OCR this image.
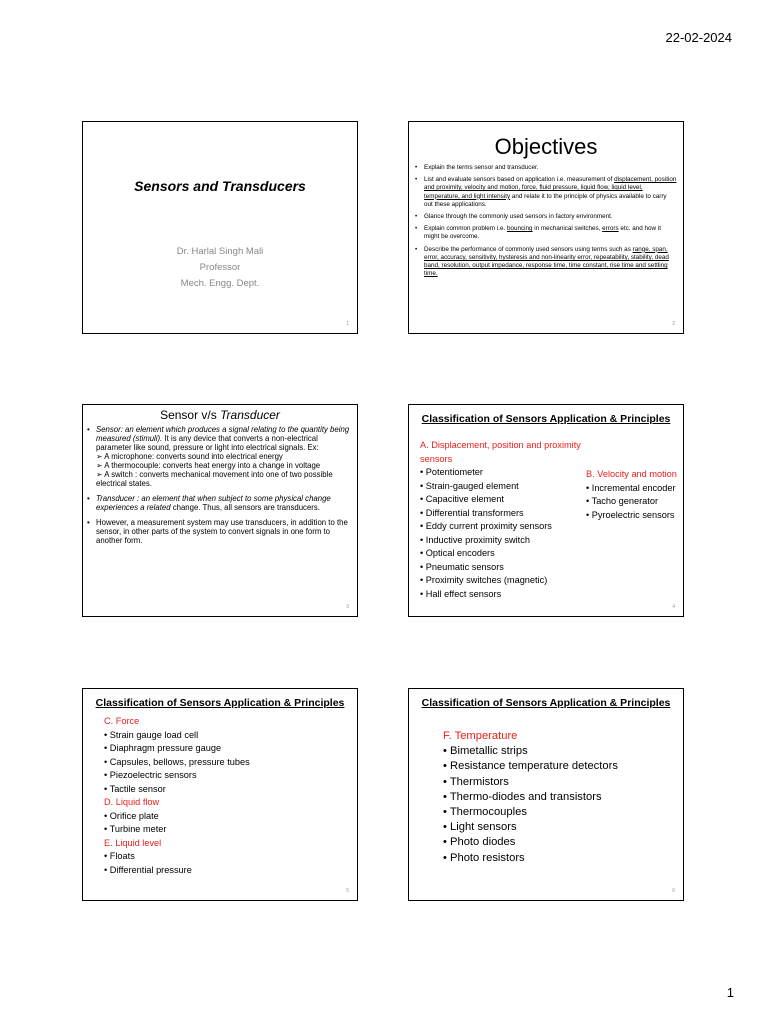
22-02-2024
Sensors and Transducers
Dr. Harlal Singh Mali
Professor
Mech. Engg. Dept.
1
Objectives
• Explain the terms sensor and transducer.
• List and evaluate sensors based on application i.e. measurement of displacement, position and proximity, velocity and motion, force, fluid pressure, liquid flow, liquid level, temperature, and light intensity and relate it to the principle of physics available to carry out these applications.
• Glance through the commonly used sensors in factory environment.
• Explain common problem i.e. bouncing in mechanical switches, errors etc. and how it might be overcome.
• Describe the performance of commonly used sensors using terms such as range, span, error, accuracy, sensitivity, hysteresis and non-linearity error, repeatability, stability, dead band, resolution, output impedance, response time, time constant, rise time and settling time.
2
Sensor v/s Transducer
• Sensor: an element which produces a signal relating to the quantity being measured (stimuli). It is any device that converts a non-electrical parameter like sound, pressure or light into electrical signals. Ex:
➢ A microphone: converts sound into electrical energy
➢ A thermocouple: converts heat energy into a change in voltage
➢ A switch : converts mechanical movement into one of two possible electrical states.
• Transducer : an element that when subject to some physical change experiences a related change. Thus, all sensors are transducers.
• However, a measurement system may use transducers, in addition to the sensor, in other parts of the system to convert signals in one form to another form.
3
Classification of Sensors Application & Principles
A. Displacement, position and proximity sensors
• Potentiometer
• Strain-gauged element
• Capacitive element
• Differential transformers
• Eddy current proximity sensors
• Inductive proximity switch
• Optical encoders
• Pneumatic sensors
• Proximity switches (magnetic)
• Hall effect sensors
B. Velocity and motion
• Incremental encoder
• Tacho generator
• Pyroelectric sensors
4
Classification of Sensors Application & Principles
C. Force
• Strain gauge load cell
• Diaphragm pressure gauge
• Capsules, bellows, pressure tubes
• Piezoelectric sensors
• Tactile sensor
D. Liquid flow
• Orifice plate
• Turbine meter
E. Liquid level
• Floats
• Differential pressure
5
Classification of Sensors Application & Principles
F. Temperature
• Bimetallic strips
• Resistance temperature detectors
• Thermistors
• Thermo-diodes and transistors
• Thermocouples
• Light sensors
• Photo diodes
• Photo resistors
6
1
